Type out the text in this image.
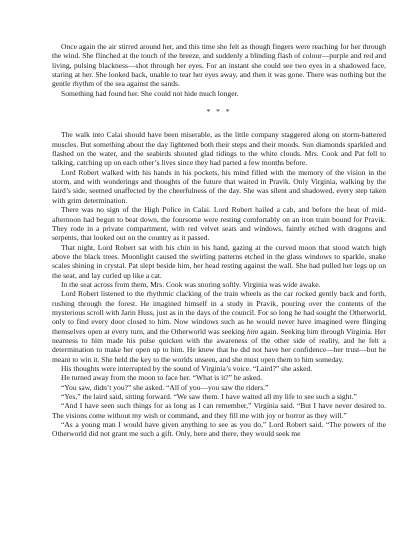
Once again the air stirred around her, and this time she felt as though fingers were reaching for her through the wind. She flinched at the touch of the breeze, and suddenly a blinding flash of colour—purple and red and living, pulsing blackness—shot through her eyes. For an instant she could see two eyes in a shadowed face, staring at her. She looked back, unable to tear her eyes away, and then it was gone. There was nothing but the gentle rhythm of the sea against the sands.

Something had found her. She could not hide much longer.

* * *

The walk into Calai should have been miserable, as the little company staggered along on storm-battered muscles. But something about the day lightened both their steps and their moods. Sun diamonds sparkled and flashed on the water, and the seabirds shouted glad tidings to the white clouds. Mrs. Cook and Pat fell to talking, catching up on each other’s lives since they had parted a few months before.

Lord Robert walked with his hands in his pockets, his mind filled with the memory of the vision in the storm, and with wonderings and thoughts of the future that waited in Pravik. Only Virginia, walking by the laird’s side, seemed unaffected by the cheerfulness of the day. She was silent and shadowed, every step taken with grim determination.

There was no sign of the High Police in Calai. Lord Robert hailed a cab, and before the heat of mid-afternoon had begun to beat down, the foursome were resting comfortably on an iron train bound for Pravik. They rode in a private compartment, with red velvet seats and windows, faintly etched with dragons and serpents, that looked out on the country as it passed.

That night, Lord Robert sat with his chin in his hand, gazing at the curved moon that stood watch high above the black trees. Moonlight caused the swirling patterns etched in the glass windows to sparkle, snake scales shining in crystal. Pat slept beside him, her head resting against the wall. She had pulled her legs up on the seat, and lay curled up like a cat.

In the seat across from them, Mrs. Cook was snoring softly. Virginia was wide awake.

Lord Robert listened to the rhythmic clacking of the train wheels as the car rocked gently back and forth, rushing through the forest. He imagined himself in a study in Pravik, pouring over the contents of the mysterious scroll with Jarin Huss, just as in the days of the council. For so long he had sought the Otherworld, only to find every door closed to him. Now windows such as he would never have imagined were flinging themselves open at every turn, and the Otherworld was seeking him again. Seeking him through Virginia. Her nearness to him made his pulse quicken with the awareness of the other side of reality, and he felt a determination to make her open up to him. He knew that he did not have her confidence—her trust—but he meant to win it. She held the key to the worlds unseen, and she must open them to him someday.

His thoughts were interrupted by the sound of Virginia’s voice. “Laird?” she asked.

He turned away from the moon to face her. “What is it?” he asked.

“You saw, didn’t you?” she asked. “All of you—you saw the riders.”

“Yes,” the laird said, sitting forward. “We saw them. I have waited all my life to see such a sight.”

“And I have seen such things for as long as I can remember,” Virginia said. “But I have never desired to. The visions come without my wish or command, and they fill me with joy or horror as they will.”

“As a young man I would have given anything to see as you do,” Lord Robert said. “The powers of the Otherworld did not grant me such a gift. Only, here and there, they would seek me
